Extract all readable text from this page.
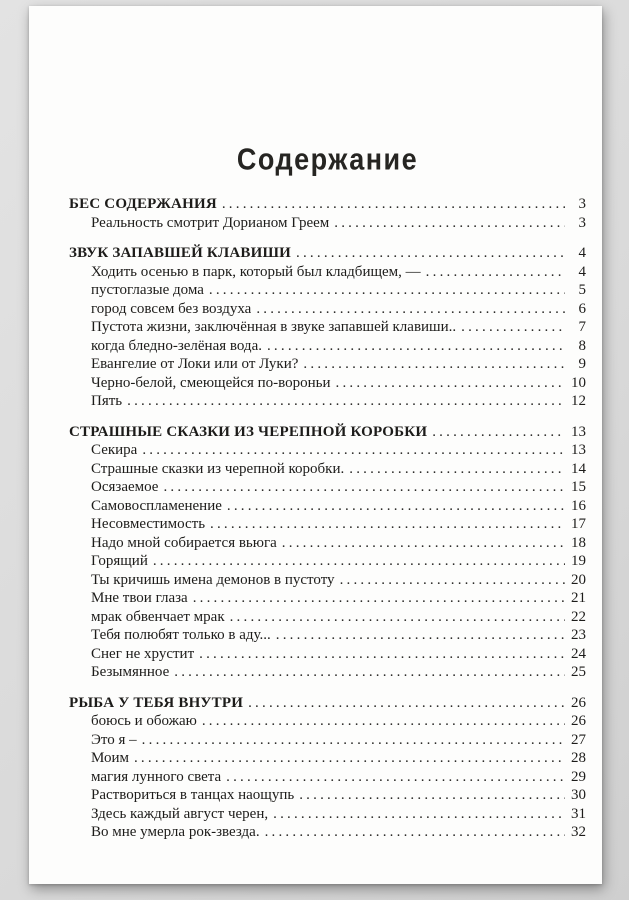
Содержание
БЕС СОДЕРЖАНИЯ .....	3
Реальность смотрит Дорианом Греем .....	3
ЗВУК ЗАПАВШЕЙ КЛАВИШИ .....	4
Ходить осенью в парк, который был кладбищем, — .....	4
пустоглазые дома .....	5
город совсем без воздуха .....	6
Пустота жизни, заключённая в звуке запавшей клавиши.. .....	7
когда бледно-зелёная вода. .....	8
Евангелие от Локи или от Луки? .....	9
Черно-белой, смеющейся по-вороньи .....	10
Пять .....	12
СТРАШНЫЕ СКАЗКИ ИЗ ЧЕРЕПНОЙ КОРОБКИ .....	13
Секира .....	13
Страшные сказки из черепной коробки. .....	14
Осязаемое .....	15
Самовоспламенение .....	16
Несовместимость .....	17
Надо мной собирается вьюга .....	18
Горящий .....	19
Ты кричишь имена демонов в пустоту .....	20
Мне твои глаза .....	21
мрак обвенчает мрак .....	22
Тебя полюбят только в аду... .....	23
Снег не хрустит .....	24
Безымянное .....	25
РЫБА У ТЕБЯ ВНУТРИ .....	26
боюсь и обожаю .....	26
Это я – .....	27
Моим .....	28
магия лунного света .....	29
Раствориться в танцах наощупь .....	30
Здесь каждый август черен, .....	31
Во мне умерла рок-звезда. .....	32
